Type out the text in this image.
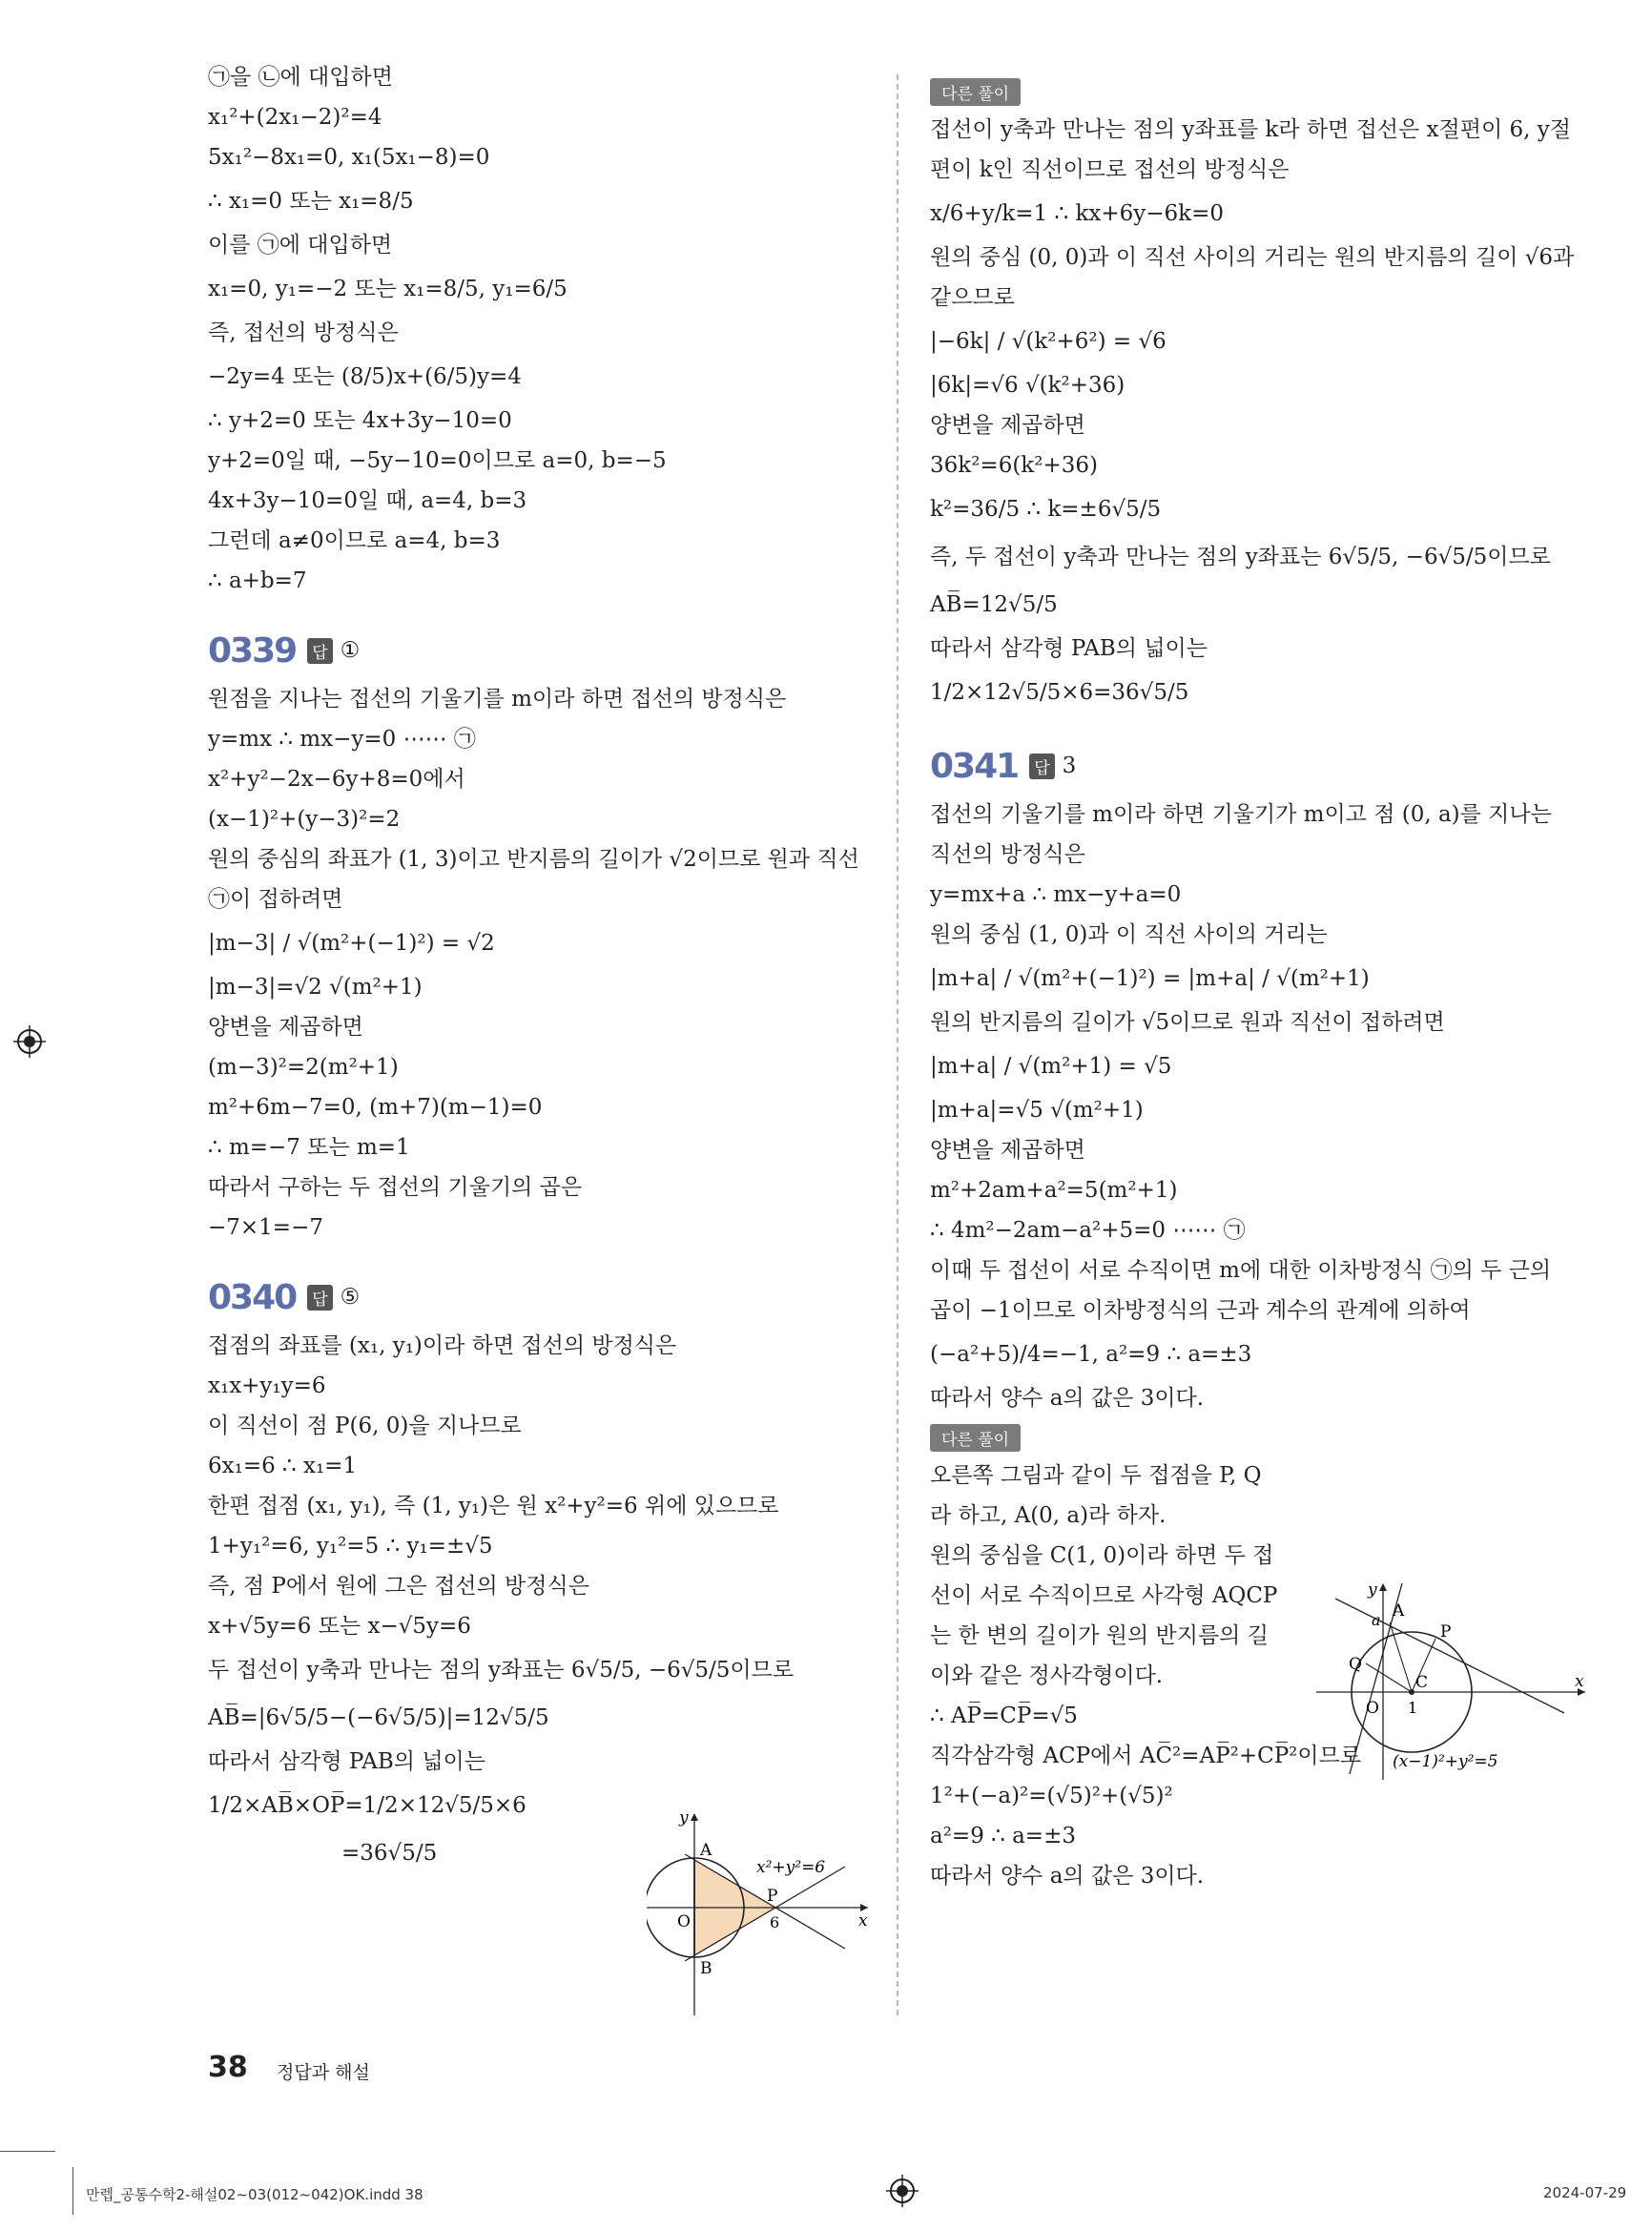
㉠을 ㉡에 대입하면
x₁²+(2x₁−2)²=4
5x₁²−8x₁=0, x₁(5x₁−8)=0
∴ x₁=0 또는 x₁=8/5
이를 ㉠에 대입하면
x₁=0, y₁=−2 또는 x₁=8/5, y₁=6/5
즉, 접선의 방정식은
−2y=4 또는 (8/5)x+(6/5)y=4
∴ y+2=0 또는 4x+3y−10=0
y+2=0일 때, −5y−10=0이므로 a=0, b=−5
4x+3y−10=0일 때, a=4, b=3
그런데 a≠0이므로 a=4, b=3
∴ a+b=7
0339 답 ①
원점을 지나는 접선의 기울기를 m이라 하면 접선의 방정식은
y=mx ∴ mx−y=0 ⋯⋯ ㉠
x²+y²−2x−6y+8=0에서
(x−1)²+(y−3)²=2
원의 중심의 좌표가 (1, 3)이고 반지름의 길이가 √2이므로 원과 직선
㉠이 접하려면
|m−3| / √(m²+(−1)²) = √2
|m−3|=√2 √(m²+1)
양변을 제곱하면
(m−3)²=2(m²+1)
m²+6m−7=0, (m+7)(m−1)=0
∴ m=−7 또는 m=1
따라서 구하는 두 접선의 기울기의 곱은
−7×1=−7
0340 답 ⑤
접점의 좌표를 (x₁, y₁)이라 하면 접선의 방정식은
x₁x+y₁y=6
이 직선이 점 P(6, 0)을 지나므로
6x₁=6 ∴ x₁=1
한편 접점 (x₁, y₁), 즉 (1, y₁)은 원 x²+y²=6 위에 있으므로
1+y₁²=6, y₁²=5 ∴ y₁=±√5
즉, 점 P에서 원에 그은 접선의 방정식은
x+√5y=6 또는 x−√5y=6
두 접선이 y축과 만나는 점의 y좌표는 6√5/5, −6√5/5이므로
AB̅=|6√5/5−(−6√5/5)|=12√5/5
따라서 삼각형 PAB의 넓이는
1/2×AB̅×OP̅=1/2×12√5/5×6
=36√5/5	A
B
O
P
6	x
y
x²+y²=6
다른 풀이
접선이 y축과 만나는 점의 y좌표를 k라 하면 접선은 x절편이 6, y절
편이 k인 직선이므로 접선의 방정식은
x/6+y/k=1 ∴ kx+6y−6k=0
원의 중심 (0, 0)과 이 직선 사이의 거리는 원의 반지름의 길이 √6과
같으므로
|−6k| / √(k²+6²) = √6
|6k|=√6 √(k²+36)
양변을 제곱하면
36k²=6(k²+36)
k²=36/5 ∴ k=±6√5/5
즉, 두 접선이 y축과 만나는 점의 y좌표는 6√5/5, −6√5/5이므로
AB̅=12√5/5
따라서 삼각형 PAB의 넓이는
1/2×12√5/5×6=36√5/5
0341 답 3
접선의 기울기를 m이라 하면 기울기가 m이고 점 (0, a)를 지나는
직선의 방정식은
y=mx+a ∴ mx−y+a=0
원의 중심 (1, 0)과 이 직선 사이의 거리는
|m+a| / √(m²+(−1)²) = |m+a| / √(m²+1)
원의 반지름의 길이가 √5이므로 원과 직선이 접하려면
|m+a| / √(m²+1) = √5
|m+a|=√5 √(m²+1)
양변을 제곱하면
m²+2am+a²=5(m²+1)
∴ 4m²−2am−a²+5=0 ⋯⋯ ㉠
이때 두 접선이 서로 수직이면 m에 대한 이차방정식 ㉠의 두 근의
곱이 −1이므로 이차방정식의 근과 계수의 관계에 의하여
(−a²+5)/4=−1, a²=9 ∴ a=±3
따라서 양수 a의 값은 3이다.
다른 풀이
오른쪽 그림과 같이 두 접점을 P, Q
라 하고, A(0, a)라 하자.
원의 중심을 C(1, 0)이라 하면 두 접
선이 서로 수직이므로 사각형 AQCP
는 한 변의 길이가 원의 반지름의 길
이와 같은 정사각형이다.
∴ AP̅=CP̅=√5
직각삼각형 ACP에서 AC̅²=AP̅²+CP̅²이므로
1²+(−a)²=(√5)²+(√5)²
a²=9 ∴ a=±3
따라서 양수 a의 값은 3이다.
A
a
P
Q
C
O 1
x
y
(x−1)²+y²=5
38 정답과 해설
만렙_공통수학2-해설02~03(012~042)OK.indd 38	2024-07-29
